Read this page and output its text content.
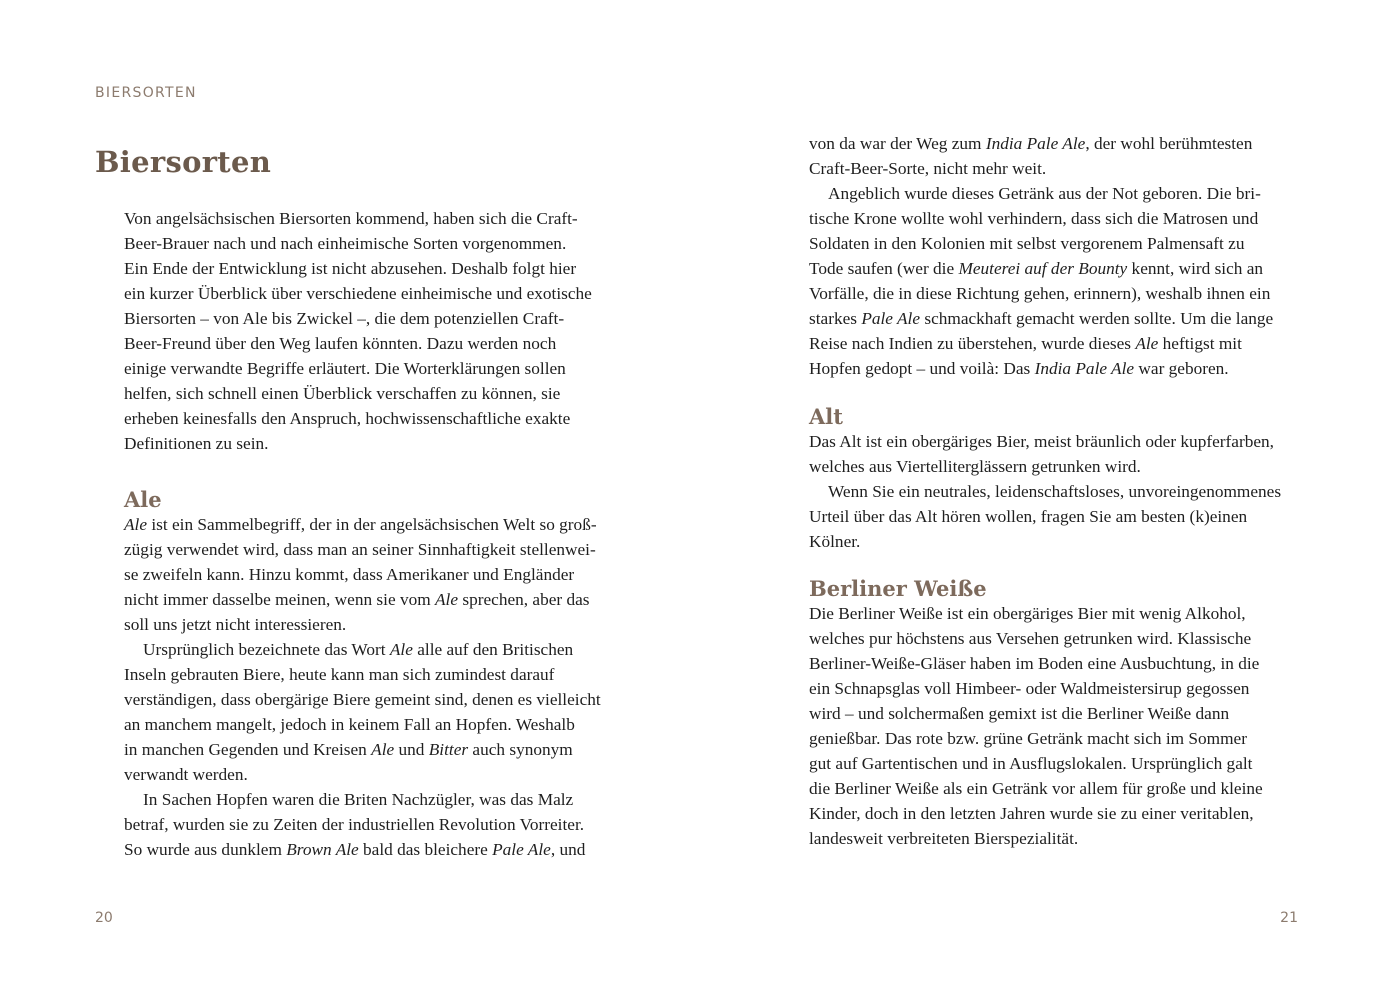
BIERSORTEN
Biersorten

Von angelsächsischen Biersorten kommend, haben sich die Craft-

Beer-Brauer nach und nach einheimische Sorten vorgenommen.

Ein Ende der Entwicklung ist nicht abzusehen. Deshalb folgt hier

ein kurzer Überblick über verschiedene einheimische und exotische

Biersorten – von Ale bis Zwickel –, die dem potenziellen Craft-

Beer-Freund über den Weg laufen könnten. Dazu werden noch

einige verwandte Begriffe erläutert. Die Worterklärungen sollen

helfen, sich schnell einen Überblick verschaffen zu können, sie

erheben keinesfalls den Anspruch, hochwissenschaftliche exakte

Definitionen zu sein.

Ale

Ale ist ein Sammelbegriff, der in der angelsächsischen Welt so groß-

zügig verwendet wird, dass man an seiner Sinnhaftigkeit stellenwei-

se zweifeln kann. Hinzu kommt, dass Amerikaner und Engländer

nicht immer dasselbe meinen, wenn sie vom Ale sprechen, aber das

soll uns jetzt nicht interessieren.

Ursprünglich bezeichnete das Wort Ale alle auf den Britischen

Inseln gebrauten Biere, heute kann man sich zumindest darauf

verständigen, dass obergärige Biere gemeint sind, denen es vielleicht

an manchem mangelt, jedoch in keinem Fall an Hopfen. Weshalb

in manchen Gegenden und Kreisen Ale und Bitter auch synonym

verwandt werden.

In Sachen Hopfen waren die Briten Nachzügler, was das Malz

betraf, wurden sie zu Zeiten der industriellen Revolution Vorreiter.

So wurde aus dunklem Brown Ale bald das bleichere Pale Ale, und

20

von da war der Weg zum India Pale Ale, der wohl berühmtesten

Craft-Beer-Sorte, nicht mehr weit.

Angeblich wurde dieses Getränk aus der Not geboren. Die bri-

tische Krone wollte wohl verhindern, dass sich die Matrosen und

Soldaten in den Kolonien mit selbst vergorenem Palmensaft zu

Tode saufen (wer die Meuterei auf der Bounty kennt, wird sich an

Vorfälle, die in diese Richtung gehen, erinnern), weshalb ihnen ein

starkes Pale Ale schmackhaft gemacht werden sollte. Um die lange

Reise nach Indien zu überstehen, wurde dieses Ale heftigst mit

Hopfen gedopt – und voilà: Das India Pale Ale war geboren.

Alt

Das Alt ist ein obergäriges Bier, meist bräunlich oder kupferfarben,

welches aus Viertelliterglässern getrunken wird.

Wenn Sie ein neutrales, leidenschaftsloses, unvoreingenommenes

Urteil über das Alt hören wollen, fragen Sie am besten (k)einen

Kölner.

Berliner Weiße

Die Berliner Weiße ist ein obergäriges Bier mit wenig Alkohol,

welches pur höchstens aus Versehen getrunken wird. Klassische

Berliner-Weiße-Gläser haben im Boden eine Ausbuchtung, in die

ein Schnapsglas voll Himbeer- oder Waldmeistersirup gegossen

wird – und solchermaßen gemixt ist die Berliner Weiße dann

genießbar. Das rote bzw. grüne Getränk macht sich im Sommer

gut auf Gartentischen und in Ausflugslokalen. Ursprünglich galt

die Berliner Weiße als ein Getränk vor allem für große und kleine

Kinder, doch in den letzten Jahren wurde sie zu einer veritablen,

landesweit verbreiteten Bierspezialität.

21
